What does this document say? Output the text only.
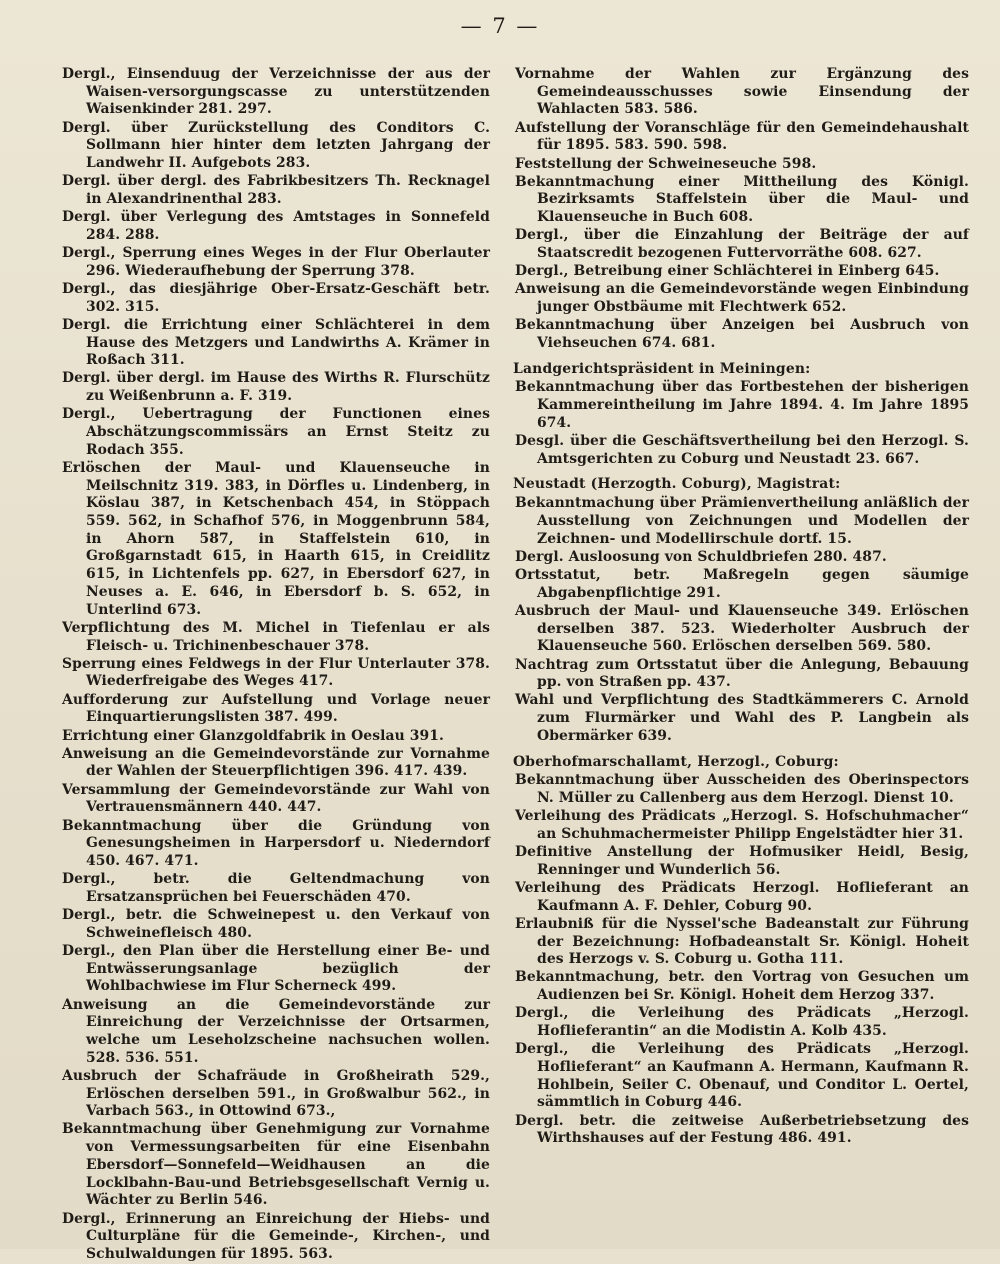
— 7 —

Dergl., Einsenduug der Verzeichnisse der aus der Waisen-versorgungscasse zu unterstützenden Waisenkinder 281. 297.

Dergl. über Zurückstellung des Conditors C. Sollmann hier hinter dem letzten Jahrgang der Landwehr II. Aufgebots 283.

Dergl. über dergl. des Fabrikbesitzers Th. Recknagel in Alexandrinenthal 283.

Dergl. über Verlegung des Amtstages in Sonnefeld 284. 288.

Dergl., Sperrung eines Weges in der Flur Oberlauter 296. Wiederaufhebung der Sperrung 378.

Dergl., das diesjährige Ober-Ersatz-Geschäft betr. 302. 315.

Dergl. die Errichtung einer Schlächterei in dem Hause des Metzgers und Landwirths A. Krämer in Roßach 311.

Dergl. über dergl. im Hause des Wirths R. Flurschütz zu Weißenbrunn a. F. 319.

Dergl., Uebertragung der Functionen eines Abschätzungscommissärs an Ernst Steitz zu Rodach 355.

Erlöschen der Maul- und Klauenseuche in Meilschnitz 319. 383, in Dörfles u. Lindenberg, in Köslau 387, in Ketschenbach 454, in Stöppach 559. 562, in Schafhof 576, in Moggenbrunn 584, in Ahorn 587, in Staffelstein 610, in Großgarnstadt 615, in Haarth 615, in Creidlitz 615, in Lichtenfels pp. 627, in Ebersdorf 627, in Neuses a. E. 646, in Ebersdorf b. S. 652, in Unterlind 673.

Verpflichtung des M. Michel in Tiefenlau er als Fleisch- u. Trichinenbeschauer 378.

Sperrung eines Feldwegs in der Flur Unterlauter 378. Wiederfreigabe des Weges 417.

Aufforderung zur Aufstellung und Vorlage neuer Einquartierungslisten 387. 499.

Errichtung einer Glanzgoldfabrik in Oeslau 391.

Anweisung an die Gemeindevorstände zur Vornahme der Wahlen der Steuerpflichtigen 396. 417. 439.

Versammlung der Gemeindevorstände zur Wahl von Vertrauensmännern 440. 447.

Bekanntmachung über die Gründung von Genesungsheimen in Harpersdorf u. Niederndorf 450. 467. 471.

Dergl., betr. die Geltendmachung von Ersatzansprüchen bei Feuerschäden 470.

Dergl., betr. die Schweinepest u. den Verkauf von Schweinefleisch 480.

Dergl., den Plan über die Herstellung einer Be- und Entwässerungsanlage bezüglich der Wohlbachwiese im Flur Scherneck 499.

Anweisung an die Gemeindevorstände zur Einreichung der Verzeichnisse der Ortsarmen, welche um Leseholzscheine nachsuchen wollen. 528. 536. 551.

Ausbruch der Schafräude in Großheirath 529., Erlöschen derselben 591., in Großwalbur 562., in Varbach 563., in Ottowind 673.,

Bekanntmachung über Genehmigung zur Vornahme von Vermessungsarbeiten für eine Eisenbahn Ebersdorf—Sonnefeld—Weidhausen an die Locklbahn-Bau-und Betriebsgesellschaft Vernig u. Wächter zu Berlin 546.

Dergl., Erinnerung an Einreichung der Hiebs- und Culturpläne für die Gemeinde-, Kirchen-, und Schulwaldungen für 1895. 563.

Vornahme der Wahlen zur Ergänzung des Gemeindeausschusses sowie Einsendung der Wahlacten 583. 586.

Aufstellung der Voranschläge für den Gemeindehaushalt für 1895. 583. 590. 598.

Feststellung der Schweineseuche 598.

Bekanntmachung einer Mittheilung des Königl. Bezirksamts Staffelstein über die Maul- und Klauenseuche in Buch 608.

Dergl., über die Einzahlung der Beiträge der auf Staatscredit bezogenen Futtervorräthe 608. 627.

Dergl., Betreibung einer Schlächterei in Einberg 645.

Anweisung an die Gemeindevorstände wegen Einbindung junger Obstbäume mit Flechtwerk 652.

Bekanntmachung über Anzeigen bei Ausbruch von Viehseuchen 674. 681.

Landgerichtspräsident in Meiningen:

Bekanntmachung über das Fortbestehen der bisherigen Kammereintheilung im Jahre 1894. 4. Im Jahre 1895 674.

Desgl. über die Geschäftsvertheilung bei den Herzogl. S. Amtsgerichten zu Coburg und Neustadt 23. 667.

Neustadt (Herzogth. Coburg), Magistrat:

Bekanntmachung über Prämienvertheilung anläßlich der Ausstellung von Zeichnungen und Modellen der Zeichnen- und Modellirschule dortf. 15.

Dergl. Ausloosung von Schuldbriefen 280. 487.

Ortsstatut, betr. Maßregeln gegen säumige Abgabenpflichtige 291.

Ausbruch der Maul- und Klauenseuche 349. Erlöschen derselben 387. 523. Wiederholter Ausbruch der Klauenseuche 560. Erlöschen derselben 569. 580.

Nachtrag zum Ortsstatut über die Anlegung, Bebauung pp. von Straßen pp. 437.

Wahl und Verpflichtung des Stadtkämmerers C. Arnold zum Flurmärker und Wahl des P. Langbein als Obermärker 639.

Oberhofmarschallamt, Herzogl., Coburg:

Bekanntmachung über Ausscheiden des Oberinspectors N. Müller zu Callenberg aus dem Herzogl. Dienst 10.

Verleihung des Prädicats „Herzogl. S. Hofschuhmacher“ an Schuhmachermeister Philipp Engelstädter hier 31.

Definitive Anstellung der Hofmusiker Heidl, Besig, Renninger und Wunderlich 56.

Verleihung des Prädicats Herzogl. Hoflieferant an Kaufmann A. F. Dehler, Coburg 90.

Erlaubniß für die Nyssel'sche Badeanstalt zur Führung der Bezeichnung: Hofbadeanstalt Sr. Königl. Hoheit des Herzogs v. S. Coburg u. Gotha 111.

Bekanntmachung, betr. den Vortrag von Gesuchen um Audienzen bei Sr. Königl. Hoheit dem Herzog 337.

Dergl., die Verleihung des Prädicats „Herzogl. Hoflieferantin“ an die Modistin A. Kolb 435.

Dergl., die Verleihung des Prädicats „Herzogl. Hoflieferant“ an Kaufmann A. Hermann, Kaufmann R. Hohlbein, Seiler C. Obenauf, und Conditor L. Oertel, sämmtlich in Coburg 446.

Dergl. betr. die zeitweise Außerbetriebsetzung des Wirthshauses auf der Festung 486. 491.
